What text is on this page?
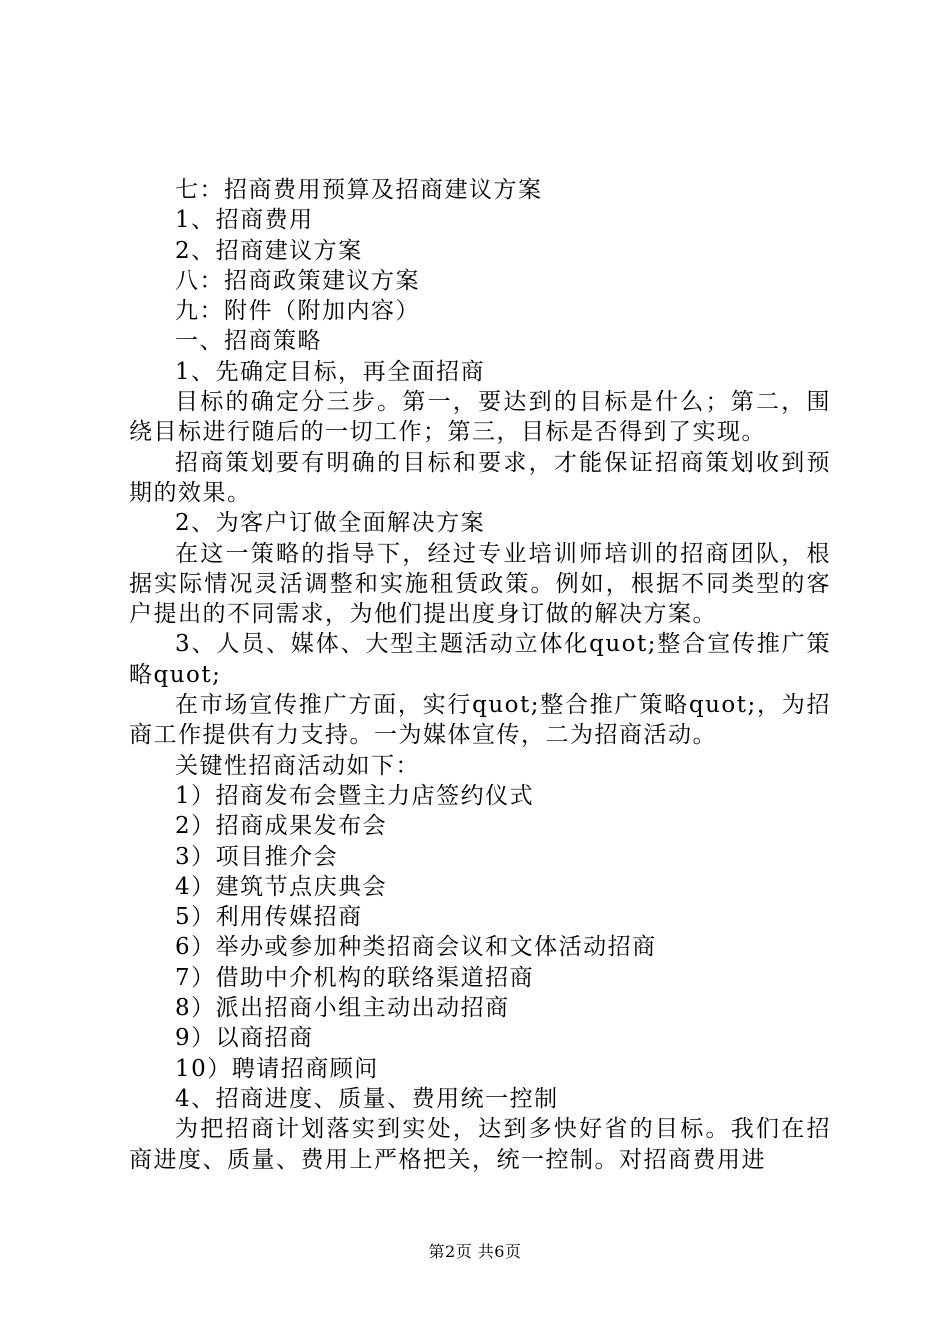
七：招商费用预算及招商建议方案

1、招商费用

2、招商建议方案

八：招商政策建议方案

九：附件（附加内容）

一、招商策略

1、先确定目标，再全面招商

目标的确定分三步。第一，要达到的目标是什么；第二，围绕目标进行随后的一切工作；第三，目标是否得到了实现。

招商策划要有明确的目标和要求，才能保证招商策划收到预期的效果。

2、为客户订做全面解决方案

在这一策略的指导下，经过专业培训师培训的招商团队，根据实际情况灵活调整和实施租赁政策。例如，根据不同类型的客户提出的不同需求，为他们提出度身订做的解决方案。

3、人员、媒体、大型主题活动立体化quot;整合宣传推广策略quot;

在市场宣传推广方面，实行quot;整合推广策略quot;，为招商工作提供有力支持。一为媒体宣传，二为招商活动。

关键性招商活动如下：

1）招商发布会暨主力店签约仪式

2）招商成果发布会

3）项目推介会

4）建筑节点庆典会

5）利用传媒招商

6）举办或参加种类招商会议和文体活动招商

7）借助中介机构的联络渠道招商

8）派出招商小组主动出动招商

9）以商招商

10）聘请招商顾问

4、招商进度、质量、费用统一控制

为把招商计划落实到实处，达到多快好省的目标。我们在招商进度、质量、费用上严格把关，统一控制。对招商费用进

第2页 共6页
